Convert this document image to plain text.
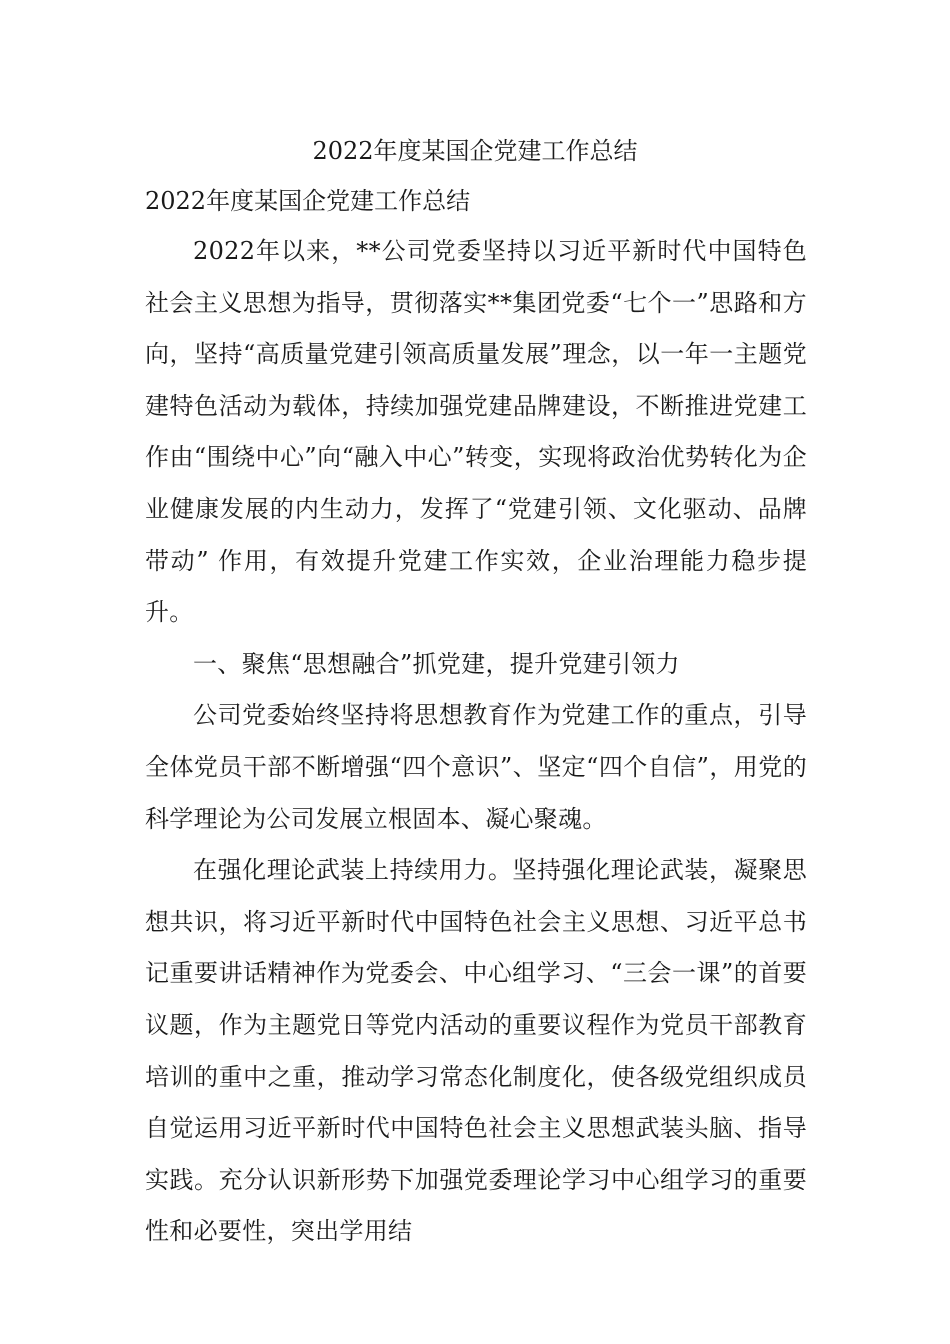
2022年度某国企党建工作总结
2022年度某国企党建工作总结

2022年以来，**公司党委坚持以习近平新时代中国特色社会主义思想为指导，贯彻落实**集团党委“七个一”思路和方向，坚持“高质量党建引领高质量发展”理念，以一年一主题党建特色活动为载体，持续加强党建品牌建设，不断推进党建工作由“围绕中心”向“融入中心”转变，实现将政治优势转化为企业健康发展的内生动力，发挥了“党建引领、文化驱动、品牌带动” 作用，有效提升党建工作实效，企业治理能力稳步提升。

一、聚焦“思想融合”抓党建，提升党建引领力

公司党委始终坚持将思想教育作为党建工作的重点，引导全体党员干部不断增强“四个意识”、坚定“四个自信”，用党的科学理论为公司发展立根固本、凝心聚魂。

在强化理论武装上持续用力。坚持强化理论武装，凝聚思想共识，将习近平新时代中国特色社会主义思想、习近平总书记重要讲话精神作为党委会、中心组学习、“三会一课”的首要议题，作为主题党日等党内活动的重要议程作为党员干部教育培训的重中之重，推动学习常态化制度化，使各级党组织成员自觉运用习近平新时代中国特色社会主义思想武装头脑、指导实践。充分认识新形势下加强党委理论学习中心组学习的重要性和必要性，突出学用结
